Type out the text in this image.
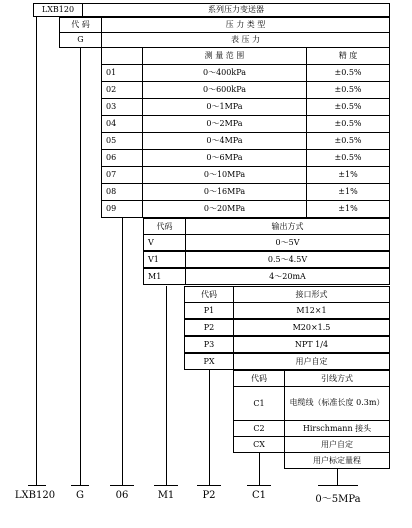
LXB120	系列压力变送器
代 码	压 力 类 型
G	表 压 力
测 量 范 围	精 度
01	0～400kPa	±0.5%
02	0～600kPa	±0.5%
03	0～1MPa	±0.5%
04	0～2MPa	±0.5%
05	0～4MPa	±0.5%
06	0～6MPa	±0.5%
07	0～10MPa	±1%
08	0～16MPa	±1%
09	0～20MPa	±1%
代码	输出方式
V	0～5V
V1	0.5～4.5V
M1	4～20mA
代码	接口形式
P1	M12×1
P2	M20×1.5
P3	NPT 1/4
PX	用户自定
代码	引线方式
C1	电缆线（标准长度 0.3m）
C2	Hirschmann 接头
CX	用户自定
用户标定量程
LXB120	G	06	M1	P2	C1	0～5MPa
